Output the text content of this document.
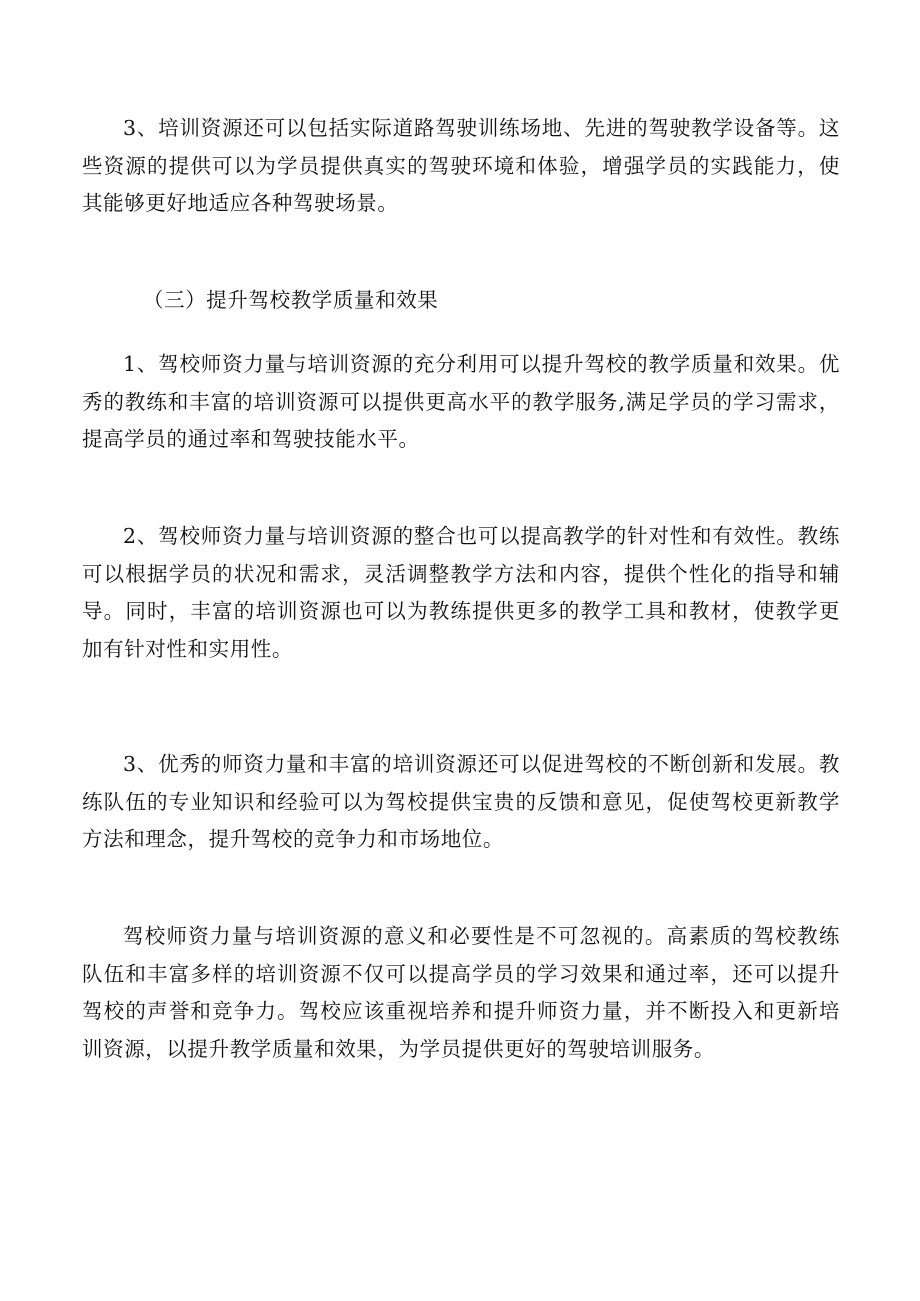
3、培训资源还可以包括实际道路驾驶训练场地、先进的驾驶教学设备等。这些资源的提供可以为学员提供真实的驾驶环境和体验，增强学员的实践能力，使其能够更好地适应各种驾驶场景。

（三）提升驾校教学质量和效果

1、驾校师资力量与培训资源的充分利用可以提升驾校的教学质量和效果。优秀的教练和丰富的培训资源可以提供更高水平的教学服务,满足学员的学习需求，提高学员的通过率和驾驶技能水平。

2、驾校师资力量与培训资源的整合也可以提高教学的针对性和有效性。教练可以根据学员的状况和需求，灵活调整教学方法和内容，提供个性化的指导和辅导。同时，丰富的培训资源也可以为教练提供更多的教学工具和教材，使教学更加有针对性和实用性。

3、优秀的师资力量和丰富的培训资源还可以促进驾校的不断创新和发展。教练队伍的专业知识和经验可以为驾校提供宝贵的反馈和意见，促使驾校更新教学方法和理念，提升驾校的竞争力和市场地位。

驾校师资力量与培训资源的意义和必要性是不可忽视的。高素质的驾校教练队伍和丰富多样的培训资源不仅可以提高学员的学习效果和通过率，还可以提升驾校的声誉和竞争力。驾校应该重视培养和提升师资力量，并不断投入和更新培训资源，以提升教学质量和效果，为学员提供更好的驾驶培训服务。
